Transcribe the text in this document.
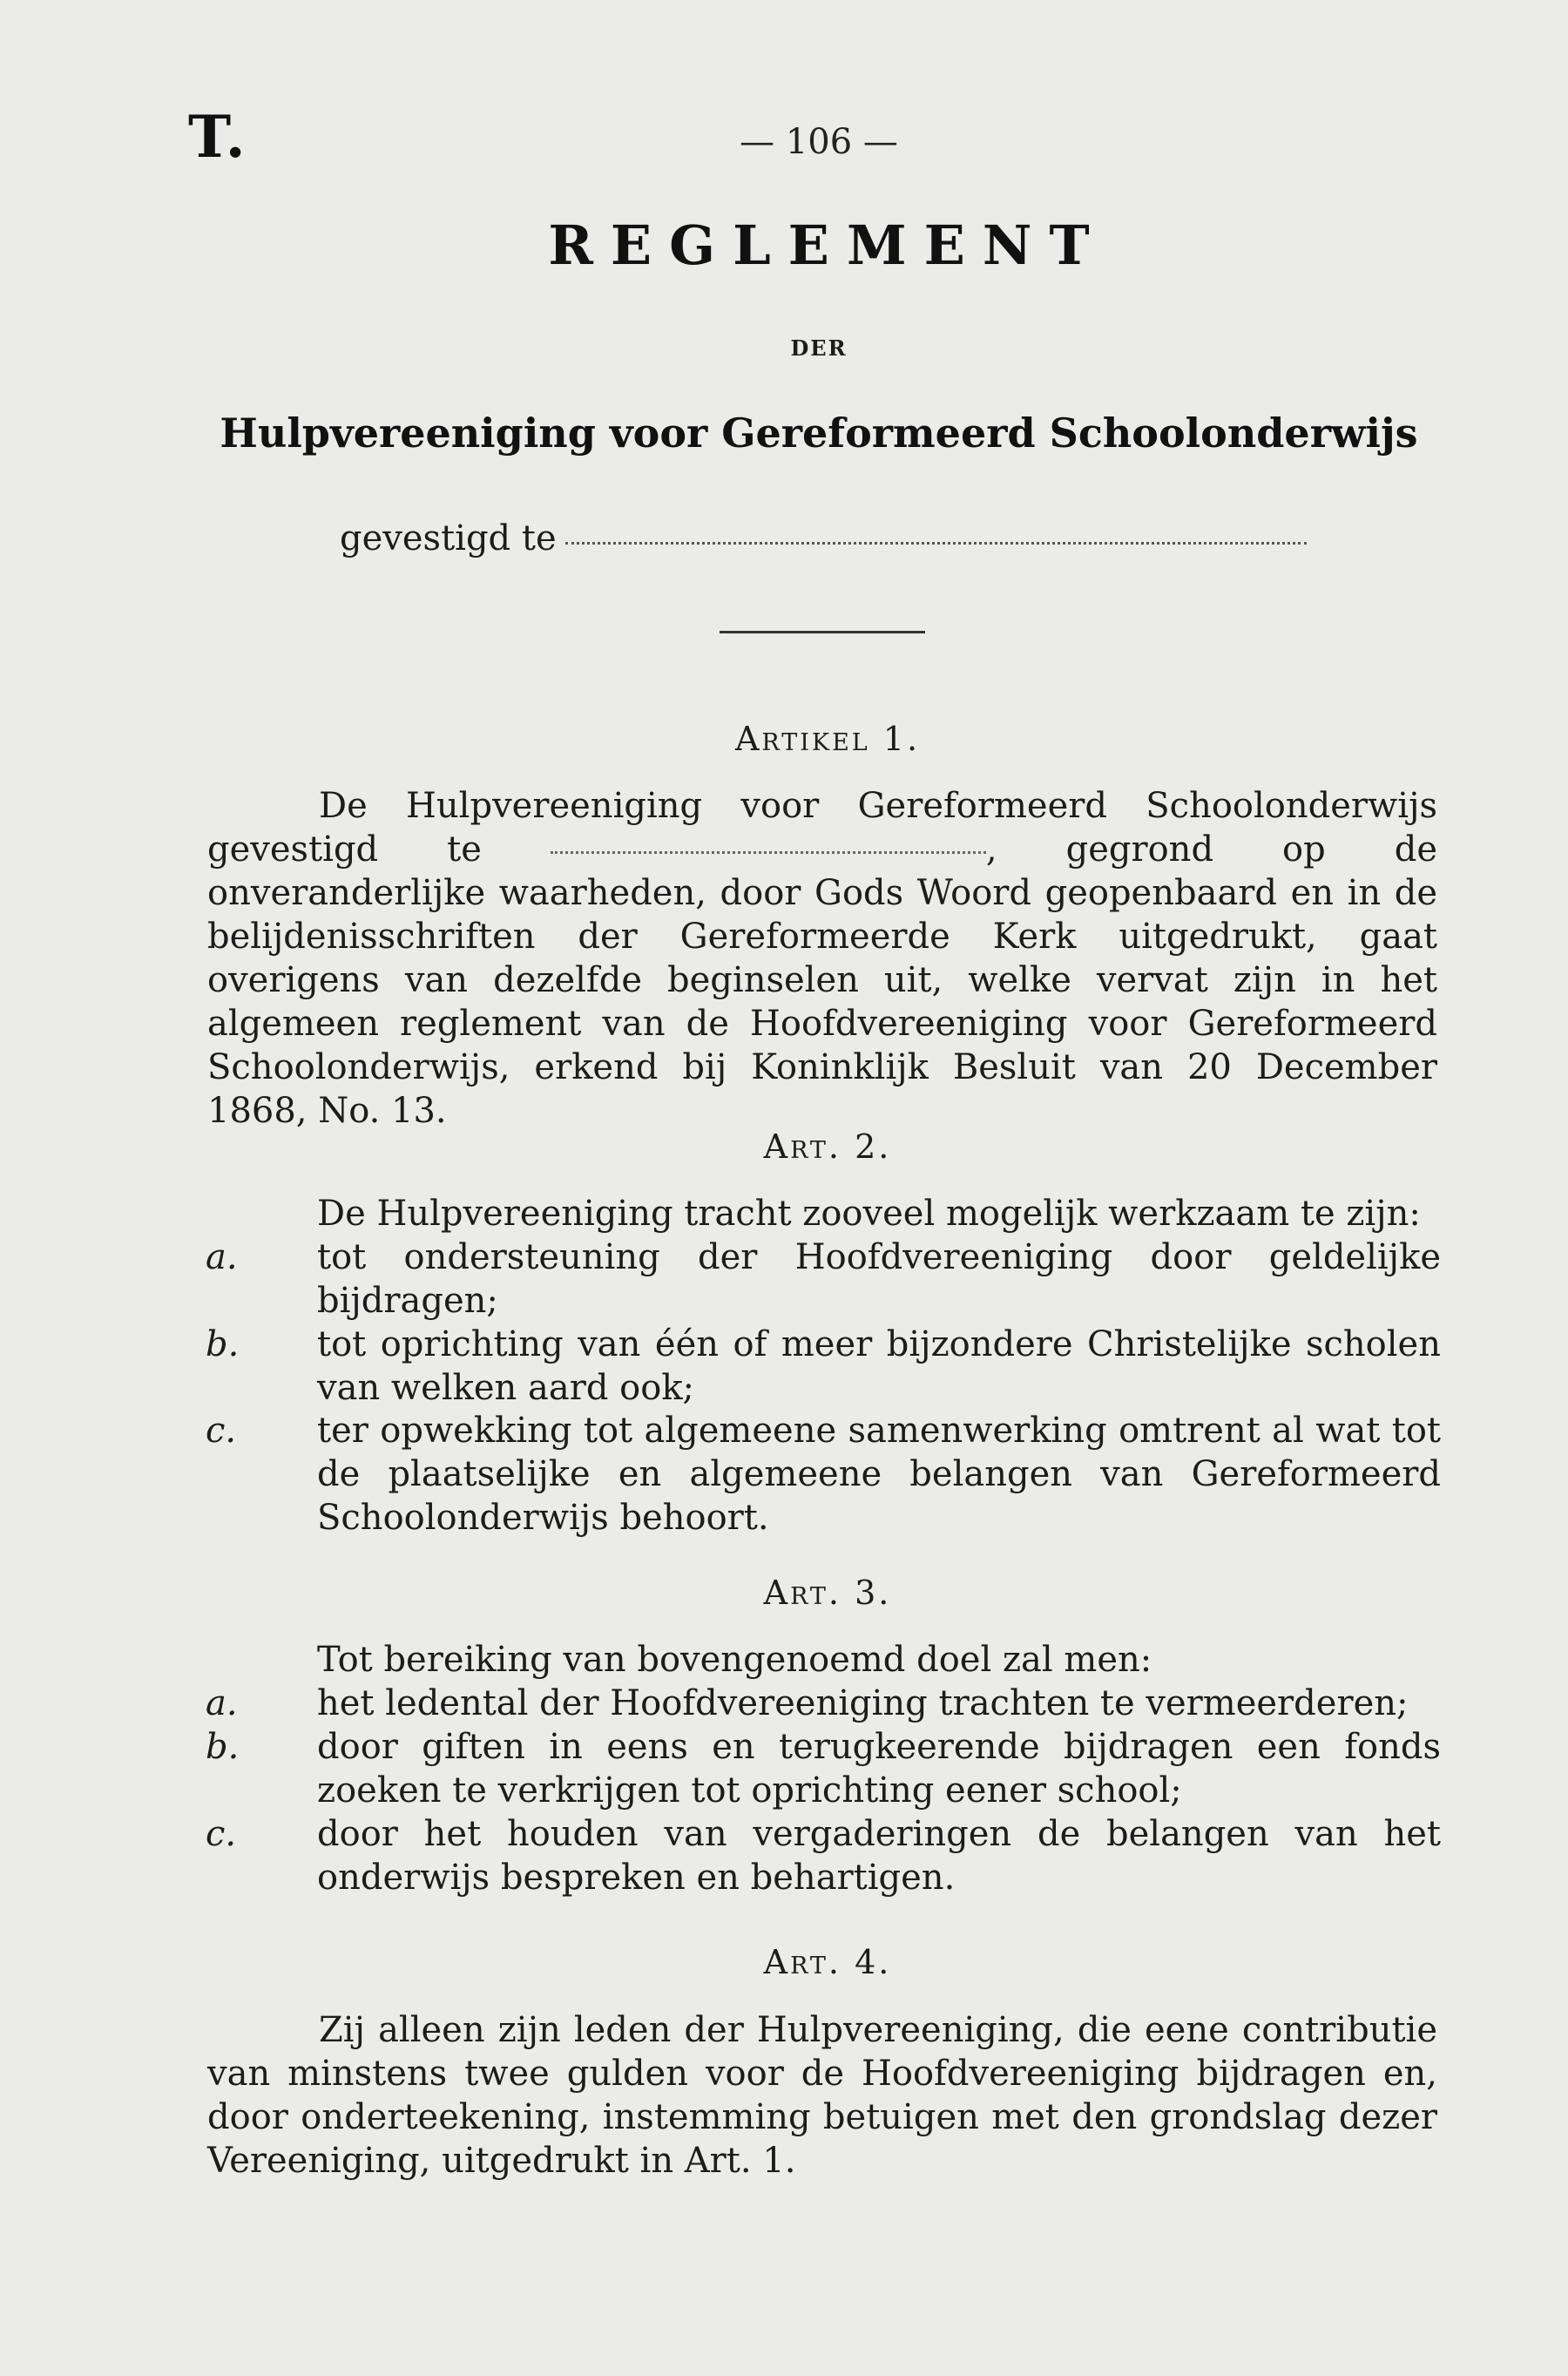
T.	— 106 —
REGLEMENT
DER
Hulpvereeniging voor Gereformeerd Schoolonderwijs
gevestigd te
Artikel 1.
De Hulpvereeniging voor Gereformeerd Schoolonderwijs gevestigd te	, gegrond op de onveranderlijke waarheden, door Gods Woord geopenbaard en in de belijdenisschriften der Gereformeerde Kerk uitgedrukt, gaat overigens van dezelfde beginselen uit, welke vervat zijn in het algemeen reglement van de Hoofdvereeniging voor Gereformeerd Schoolonderwijs, erkend bij Koninklijk Besluit van 20 December 1868, No. 13.
Art. 2.
De Hulpvereeniging tracht zooveel mogelijk werkzaam te zijn:
a.	tot ondersteuning der Hoofdvereeniging door geldelijke bijdragen;
b.	tot oprichting van één of meer bijzondere Christelijke scholen van welken aard ook;
c.	ter opwekking tot algemeene samenwerking omtrent al wat tot de plaatselijke en algemeene belangen van Gereformeerd Schoolonderwijs behoort.
Art. 3.
Tot bereiking van bovengenoemd doel zal men:
a.	het ledental der Hoofdvereeniging trachten te vermeerderen;
b.	door giften in eens en terugkeerende bijdragen een fonds zoeken te verkrijgen tot oprichting eener school;
c.	door het houden van vergaderingen de belangen van het onderwijs bespreken en behartigen.
Art. 4.
Zij alleen zijn leden der Hulpvereeniging, die eene contributie van minstens twee gulden voor de Hoofdvereeniging bijdragen en, door onderteekening, instemming betuigen met den grondslag dezer Vereeniging, uitgedrukt in Art. 1.
